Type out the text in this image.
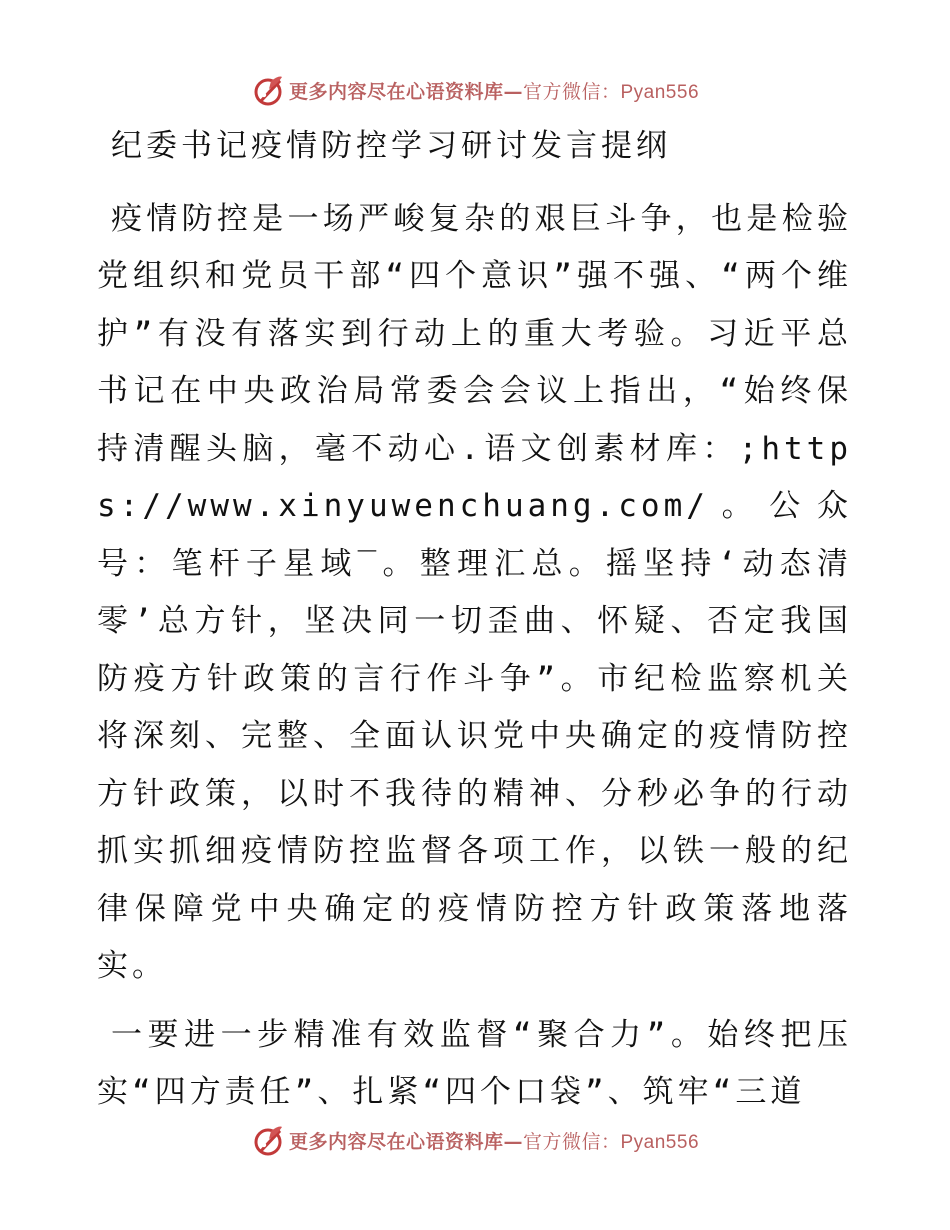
更多内容尽在心语资料库—官方微信：Pyan556
纪委书记疫情防控学习研讨发言提纲

疫情防控是一场严峻复杂的艰巨斗争，也是检验党组织和党员干部“四个意识”强不强、“两个维护”有没有落实到行动上的重大考验。习近平总书记在中央政治局常委会会议上指出，“始终保持清醒头脑，毫不动心.语文创素材库：;https://www.xinyuwenchuang.com/。公众号：笔杆子星域‾。整理汇总。摇坚持‘动态清零’总方针，坚决同一切歪曲、怀疑、否定我国防疫方针政策的言行作斗争”。市纪检监察机关将深刻、完整、全面认识党中央确定的疫情防控方针政策，以时不我待的精神、分秒必争的行动抓实抓细疫情防控监督各项工作，以铁一般的纪律保障党中央确定的疫情防控方针政策落地落实。

一要进一步精准有效监督“聚合力”。始终把压实“四方责任”、扎紧“四个口袋”、筑牢“三道

更多内容尽在心语资料库—官方微信：Pyan556
